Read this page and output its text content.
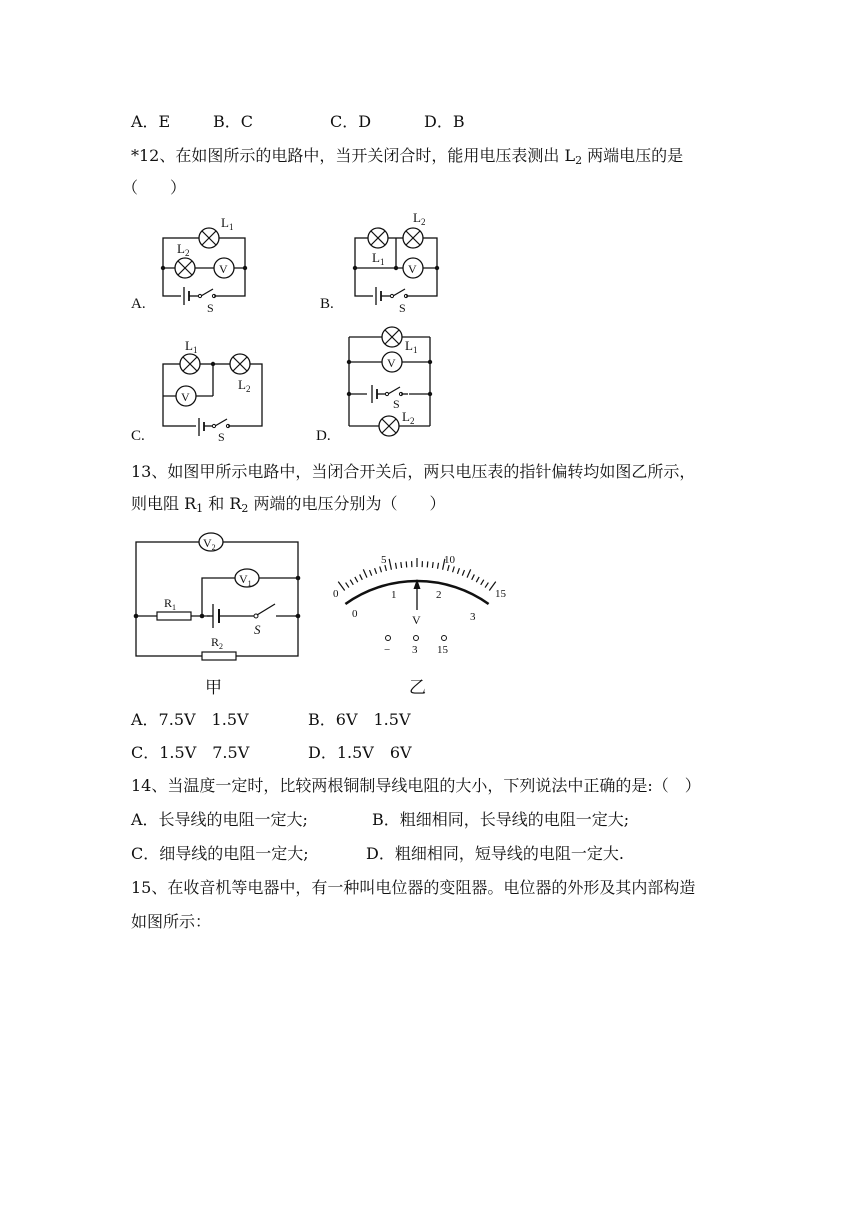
A．E	B．C	C．D	D．B
*12、在如图所示的电路中，当开关闭合时，能用电压表测出 $L_2$ 两端电压的是
（　　）
A.	B.
C.	D.
$L_1$
$L_2$
V
S
$L_2$
$L_1$ V
S
$L_1$
$L_2$
V
S
$L_1$
V
S
$L_2$
13、如图甲所示电路中，当闭合开关后，两只电压表的指针偏转均如图乙所示，
则电阻 $R_1$ 和 $R_2$ 两端的电压分别为（　　）
$V_2$
$V_1$
$R_1$
$R_2$
S
甲
0
5	10
15
0
1	2
3
V
− 3 15
乙
A．7.5V　1.5V	B．6V　1.5V
C．1.5V　7.5V	D．1.5V　6V
14、当温度一定时，比较两根铜制导线电阻的大小，下列说法中正确的是:（　）
A．长导线的电阻一定大;	B．粗细相同，长导线的电阻一定大;
C．细导线的电阻一定大;	D．粗细相同，短导线的电阻一定大.
15、在收音机等电器中，有一种叫电位器的变阻器。电位器的外形及其内部构造
如图所示：
